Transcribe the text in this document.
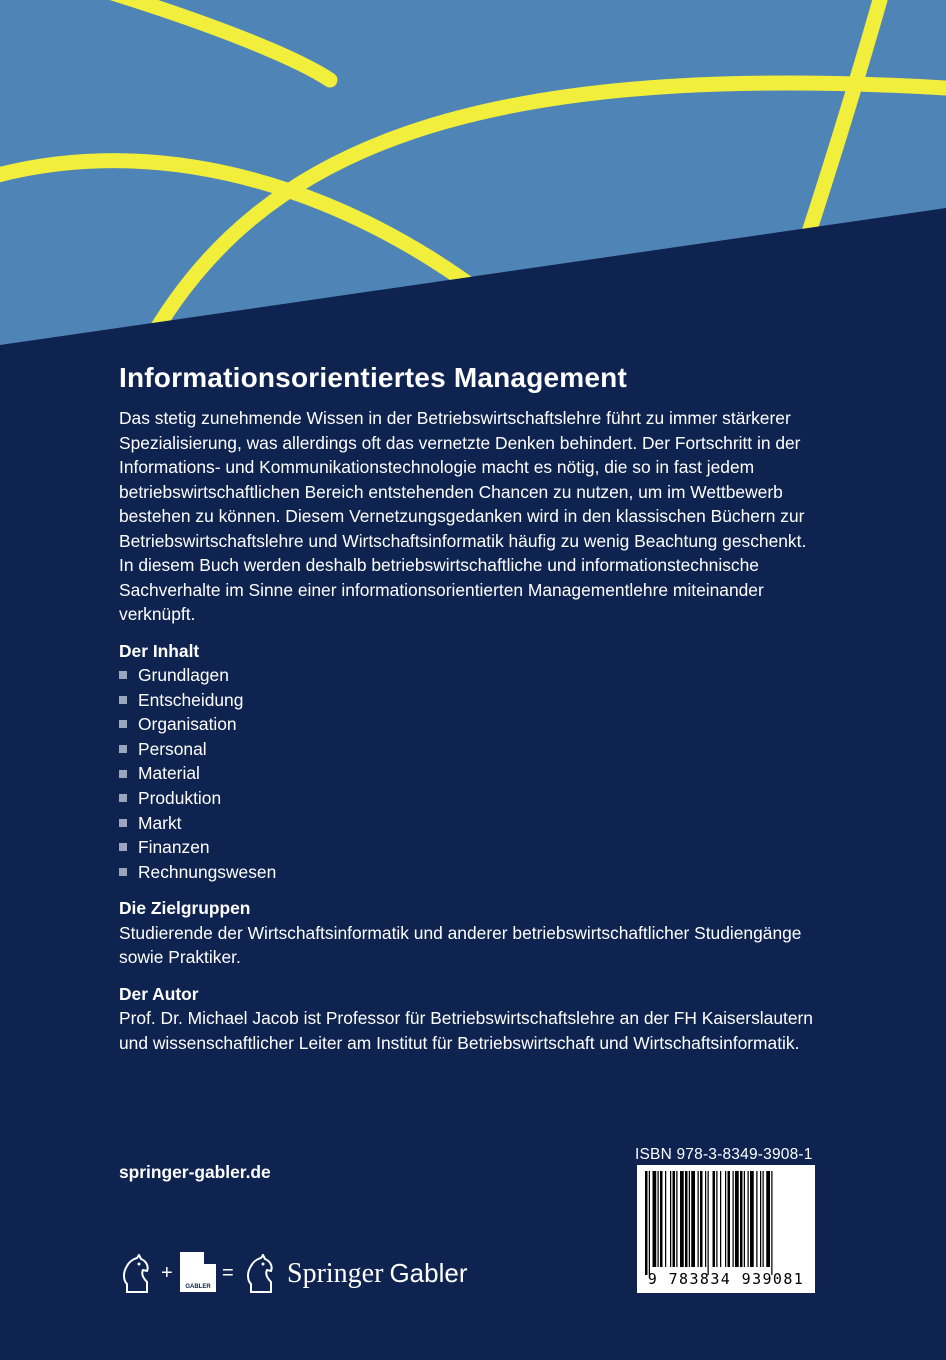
Informationsorientiertes Management

Das stetig zunehmende Wissen in der Betriebswirtschaftslehre führt zu immer stärkerer Spezialisierung, was allerdings oft das vernetzte Denken behindert. Der Fortschritt in der Informations- und Kommunikationstechnologie macht es nötig, die so in fast jedem betriebswirtschaftlichen Bereich entstehenden Chancen zu nutzen, um im Wettbewerb bestehen zu können. Diesem Vernetzungsgedanken wird in den klassischen Büchern zur Betriebswirtschaftslehre und Wirtschaftsinformatik häufig zu wenig Beachtung geschenkt. In diesem Buch werden deshalb betriebswirtschaftliche und informationstechnische Sachverhalte im Sinne einer informationsorientierten Managementlehre miteinander verknüpft.

Der Inhalt
Grundlagen
Entscheidung
Organisation
Personal
Material
Produktion
Markt
Finanzen
Rechnungswesen
Die Zielgruppen

Studierende der Wirtschaftsinformatik und anderer betriebswirtschaftlicher Studiengänge sowie Praktiker.

Der Autor

Prof. Dr. Michael Jacob ist Professor für Betriebswirtschaftslehre an der FH Kaiserslautern und wissenschaftlicher Leiter am Institut für Betriebswirtschaft und Wirtschaftsinformatik.

springer-gabler.de
ISBN 978-3-8349-3908-1
9 783834 939081
+
GABLER
= Springer Gabler
